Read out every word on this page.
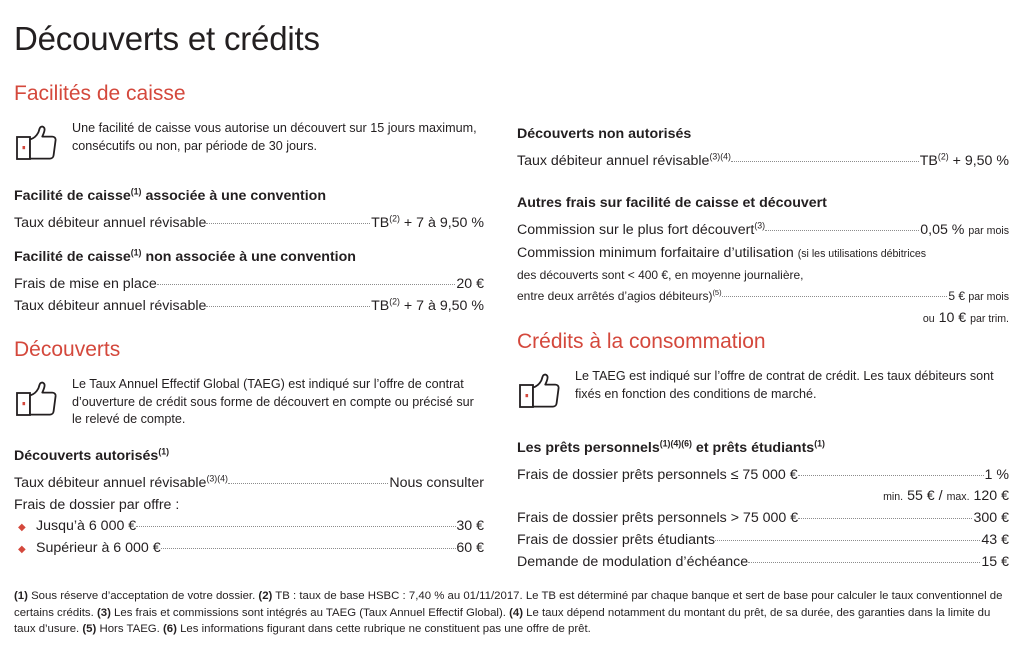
Découverts et crédits
Facilités de caisse
Une facilité de caisse vous autorise un découvert sur 15 jours maximum, consécutifs ou non, par période de 30 jours.
Facilité de caisse$^{(1)}$ associée à une convention
Taux débiteur annuel révisable	$TB^{(2)} + 7$ à 9,50 %
Facilité de caisse$^{(1)}$ non associée à une convention
Frais de mise en place	20 €
Taux débiteur annuel révisable	$TB^{(2)} + 7$ à 9,50 %
Découverts non autorisés
Taux débiteur annuel révisable$^{(3)(4)}$	$TB^{(2)} + 9,50$ %
Autres frais sur facilité de caisse et découvert
Commission sur le plus fort découvert$^{(3)}$	0,05 % par mois
Commission minimum forfaitaire d’utilisation (si les utilisations débitrices
des découverts sont < 400 €, en moyenne journalière,
entre deux arrêtés d’agios débiteurs)$^{(5)}$	5 € par mois
ou 10 € par trim.
Découverts
Le Taux Annuel Effectif Global (TAEG) est indiqué sur l’offre de contrat d’ouverture de crédit sous forme de découvert en compte ou précisé sur le relevé de compte.
Découverts autorisés$^{(1)}$
Taux débiteur annuel révisable$^{(3)(4)}$	Nous consulter
Frais de dossier par offre :
◆ Jusqu’à 6 000 €	30 €
◆ Supérieur à 6 000 €	60 €
Crédits à la consommation
Le TAEG est indiqué sur l’offre de contrat de crédit. Les taux débiteurs sont fixés en fonction des conditions de marché.
Les prêts personnels$^{(1)(4)(6)}$ et prêts étudiants$^{(1)}$
Frais de dossier prêts personnels ≤ 75 000 €	1 %
min. 55 € / max. 120 €
Frais de dossier prêts personnels > 75 000 €	300 €
Frais de dossier prêts étudiants	43 €
Demande de modulation d’échéance	15 €
(1) Sous réserve d’acceptation de votre dossier. (2) TB : taux de base HSBC : 7,40 % au 01/11/2017. Le TB est déterminé par chaque banque et sert de base pour calculer le taux conventionnel de certains crédits. (3) Les frais et commissions sont intégrés au TAEG (Taux Annuel Effectif Global). (4) Le taux dépend notamment du montant du prêt, de sa durée, des garanties dans la limite du taux d’usure. (5) Hors TAEG. (6) Les informations figurant dans cette rubrique ne constituent pas une offre de prêt.
